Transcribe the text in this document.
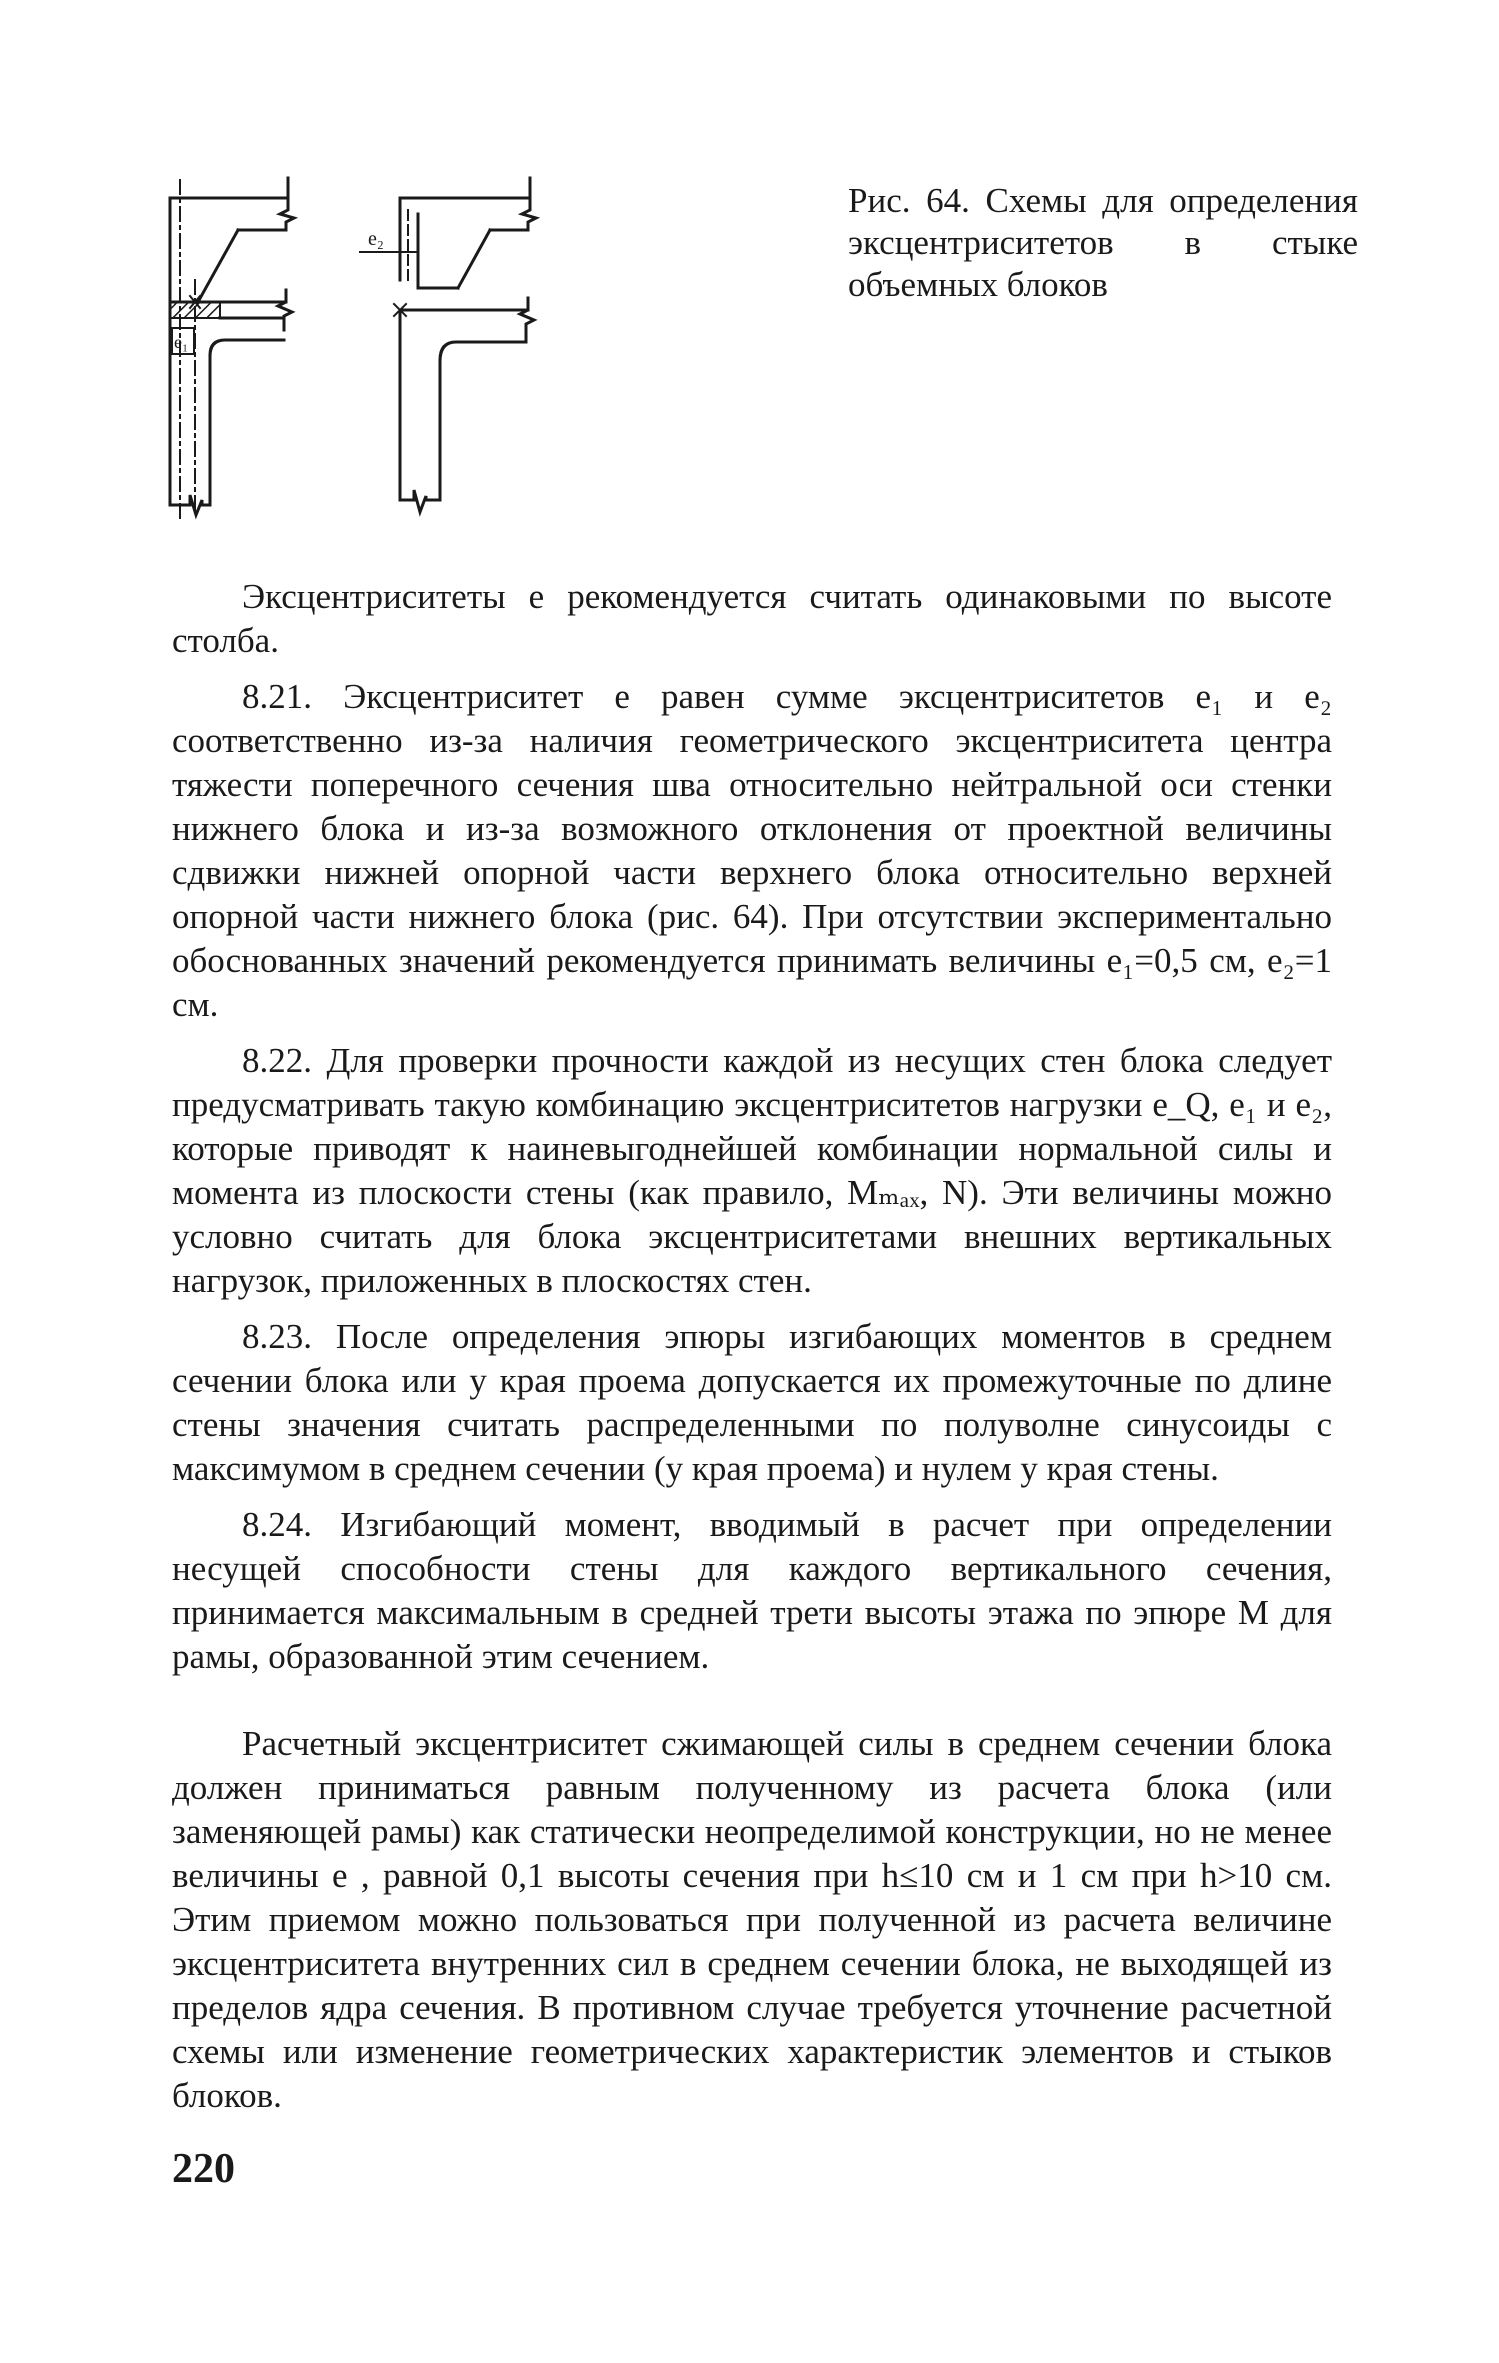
e₁
e₂
Рис. 64. Схемы для определения эксцентриситетов в стыке объемных блоков

Эксцентриситеты e рекомендуется считать одинаковыми по высоте столба.

8.21. Эксцентриситет e равен сумме эксцентриситетов e₁ и e₂ соответственно из-за наличия геометрического эксцентриситета центра тяжести поперечного сечения шва относительно нейтральной оси стенки нижнего блока и из-за возможного отклонения от проектной величины сдвижки нижней опорной части верхнего блока относительно верхней опорной части нижнего блока (рис. 64). При отсутствии экспериментально обоснованных значений рекомендуется принимать величины e₁=0,5 см, e₂=1 см.

8.22. Для проверки прочности каждой из несущих стен блока следует предусматривать такую комбинацию эксцентриситетов нагрузки e_Q, e₁ и e₂, которые приводят к наиневыгоднейшей комбинации нормальной силы и момента из плоскости стены (как правило, Mₘₐₓ, N). Эти величины можно условно считать для блока эксцентриситетами внешних вертикальных нагрузок, приложенных в плоскостях стен.

8.23. После определения эпюры изгибающих моментов в среднем сечении блока или у края проема допускается их промежуточные по длине стены значения считать распределенными по полуволне синусоиды с максимумом в среднем сечении (у края проема) и нулем у края стены.

8.24. Изгибающий момент, вводимый в расчет при определении несущей способности стены для каждого вертикального сечения, принимается максимальным в средней трети высоты этажа по эпюре M для рамы, образованной этим сечением.

Расчетный эксцентриситет сжимающей силы в среднем сечении блока должен приниматься равным полученному из расчета блока (или заменяющей рамы) как статически неопределимой конструкции, но не менее величины e , равной 0,1 высоты сечения при h≤10 см и 1 см при h>10 см. Этим приемом можно пользоваться при полученной из расчета величине эксцентриситета внутренних сил в среднем сечении блока, не выходящей из пределов ядра сечения. В противном случае требуется уточнение расчетной схемы или изменение геометрических характеристик элементов и стыков блоков.

220
